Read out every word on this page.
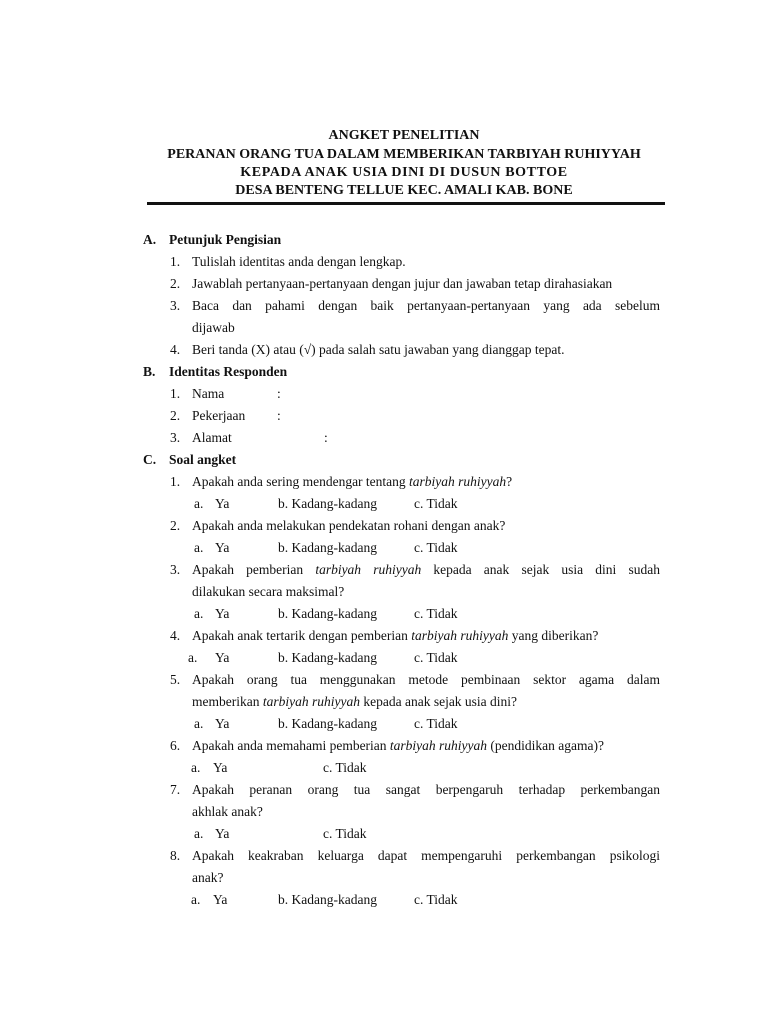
ANGKET PENELITIAN
PERANAN ORANG TUA DALAM MEMBERIKAN TARBIYAH RUHIYYAH
KEPADA ANAK USIA DINI DI DUSUN BOTTOE
DESA BENTENG TELLUE KEC. AMALI KAB. BONE
A. Petunjuk Pengisian
1. Tulislah identitas anda dengan lengkap.
2. Jawablah pertanyaan-pertanyaan dengan jujur dan jawaban tetap dirahasiakan
3. Baca dan pahami dengan baik pertanyaan-pertanyaan yang ada sebelum
dijawab
4. Beri tanda (X) atau (√) pada salah satu jawaban yang dianggap tepat.
B. Identitas Responden
1. Nama	:
2. Pekerjaan :
3. Alamat	:
C. Soal angket
1. Apakah anda sering mendengar tentang tarbiyah ruhiyyah?
a. Ya	b. Kadang-kadang	c. Tidak
2. Apakah anda melakukan pendekatan rohani dengan anak?
a. Ya	b. Kadang-kadang	c. Tidak
3. Apakah pemberian tarbiyah ruhiyyah kepada anak sejak usia dini sudah
dilakukan secara maksimal?
a. Ya	b. Kadang-kadang	c. Tidak
4. Apakah anak tertarik dengan pemberian tarbiyah ruhiyyah yang diberikan?
a. Ya	b. Kadang-kadang	c. Tidak
5. Apakah orang tua menggunakan metode pembinaan sektor agama dalam
memberikan tarbiyah ruhiyyah kepada anak sejak usia dini?
a. Ya	b. Kadang-kadang	c. Tidak
6. Apakah anda memahami pemberian tarbiyah ruhiyyah (pendidikan agama)?
a. Ya	c. Tidak
7. Apakah peranan orang tua sangat berpengaruh terhadap perkembangan
akhlak anak?
a. Ya	c. Tidak
8. Apakah keakraban keluarga dapat mempengaruhi perkembangan psikologi
anak?
a. Ya	b. Kadang-kadang	c. Tidak
